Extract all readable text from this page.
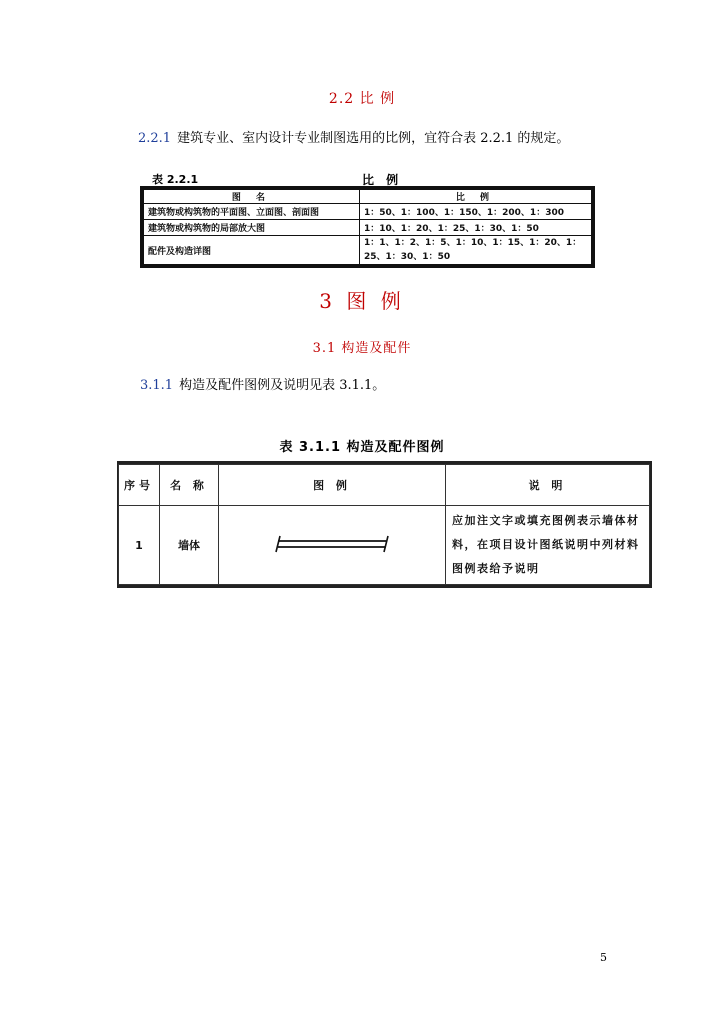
2.2 比 例
2.2.1 建筑专业、室内设计专业制图选用的比例，宜符合表 2.2.1 的规定。
表 2.2.1	比 例
图 名	比 例
建筑物或构筑物的平面图、立面图、剖面图	1：50、1：100、1：150、1：200、1：300
建筑物或构筑物的局部放大图	1：10、1：20、1：25、1：30、1：50
配件及构造详图	1：1、1：2、1：5、1：10、1：15、1：20、1：25、1：30、1：50
3 图 例
3.1 构造及配件
3.1.1 构造及配件图例及说明见表 3.1.1。
表 3.1.1 构造及配件图例
序号	名 称	图 例	说 明
1	墙体		应加注文字或填充图例表示墙体材料，在项目设计图纸说明中列材料图例表给予说明
5
